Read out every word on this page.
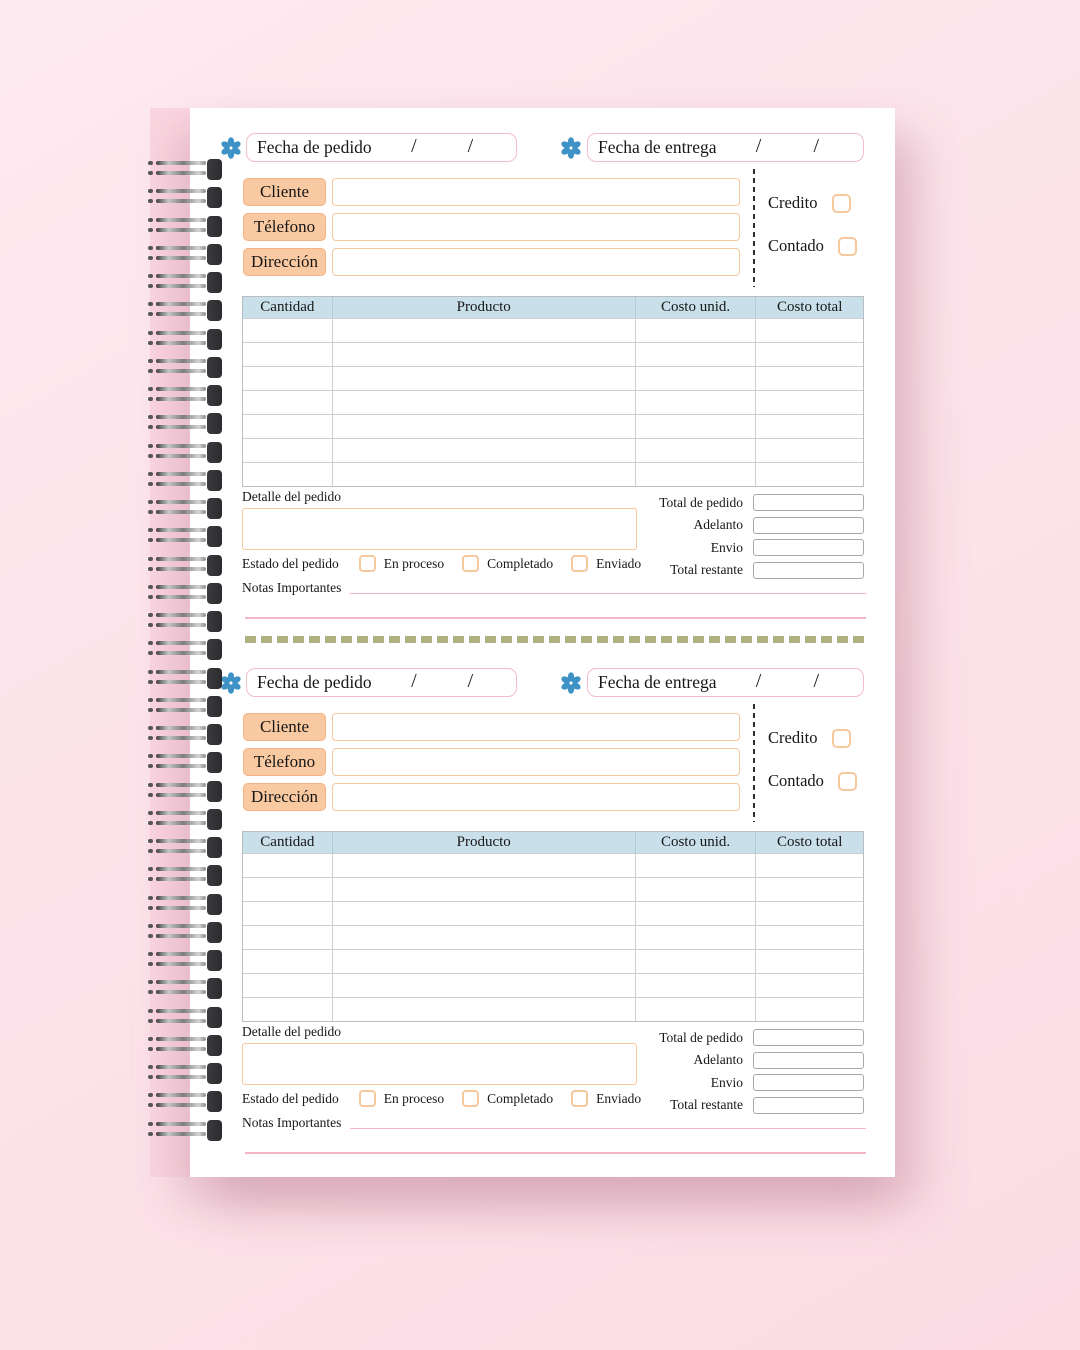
Fecha de pedido /	/	Fecha de entrega /	/
Cliente
Télefono
Dirección
Credito
Contado
Cantidad	Producto	Costo unid.	Costo total
Detalle del pedido	Total de pedido
Adelanto
Envio
Total restante
Estado del pedido	En proceso	Completado	Enviado
Notas Importantes
Fecha de pedido /	/	Fecha de entrega /	/
Cliente
Télefono
Dirección
Credito
Contado
Cantidad	Producto	Costo unid.	Costo total
Detalle del pedido	Total de pedido
Adelanto
Envio
Total restante
Estado del pedido	En proceso	Completado	Enviado
Notas Importantes
